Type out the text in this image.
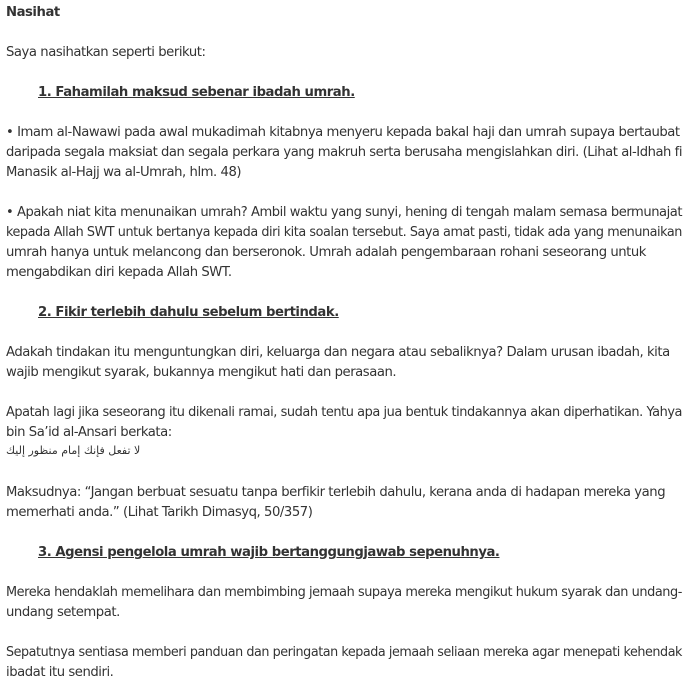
Nasihat
Saya nasihatkan seperti berikut:
1. Fahamilah maksud sebenar ibadah umrah.
• Imam al-Nawawi pada awal mukadimah kitabnya menyeru kepada bakal haji dan umrah supaya bertaubat
daripada segala maksiat dan segala perkara yang makruh serta berusaha mengislahkan diri. (Lihat al-Idhah fi
Manasik al-Hajj wa al-Umrah, hlm. 48)
• Apakah niat kita menunaikan umrah? Ambil waktu yang sunyi, hening di tengah malam semasa bermunajat
kepada Allah SWT untuk bertanya kepada diri kita soalan tersebut. Saya amat pasti, tidak ada yang menunaikan
umrah hanya untuk melancong dan berseronok. Umrah adalah pengembaraan rohani seseorang untuk
mengabdikan diri kepada Allah SWT.
2. Fikir terlebih dahulu sebelum bertindak.
Adakah tindakan itu menguntungkan diri, keluarga dan negara atau sebaliknya? Dalam urusan ibadah, kita
wajib mengikut syarak, bukannya mengikut hati dan perasaan.
Apatah lagi jika seseorang itu dikenali ramai, sudah tentu apa jua bentuk tindakannya akan diperhatikan. Yahya
bin Sa’id al-Ansari berkata:
لا تفعل فإنك إمام منظور إليك
Maksudnya: “Jangan berbuat sesuatu tanpa berfikir terlebih dahulu, kerana anda di hadapan mereka yang
memerhati anda.” (Lihat Tarikh Dimasyq, 50/357)
3. Agensi pengelola umrah wajib bertanggungjawab sepenuhnya.
Mereka hendaklah memelihara dan membimbing jemaah supaya mereka mengikut hukum syarak dan undang-
undang setempat.
Sepatutnya sentiasa memberi panduan dan peringatan kepada jemaah seliaan mereka agar menepati kehendak
ibadat itu sendiri.
